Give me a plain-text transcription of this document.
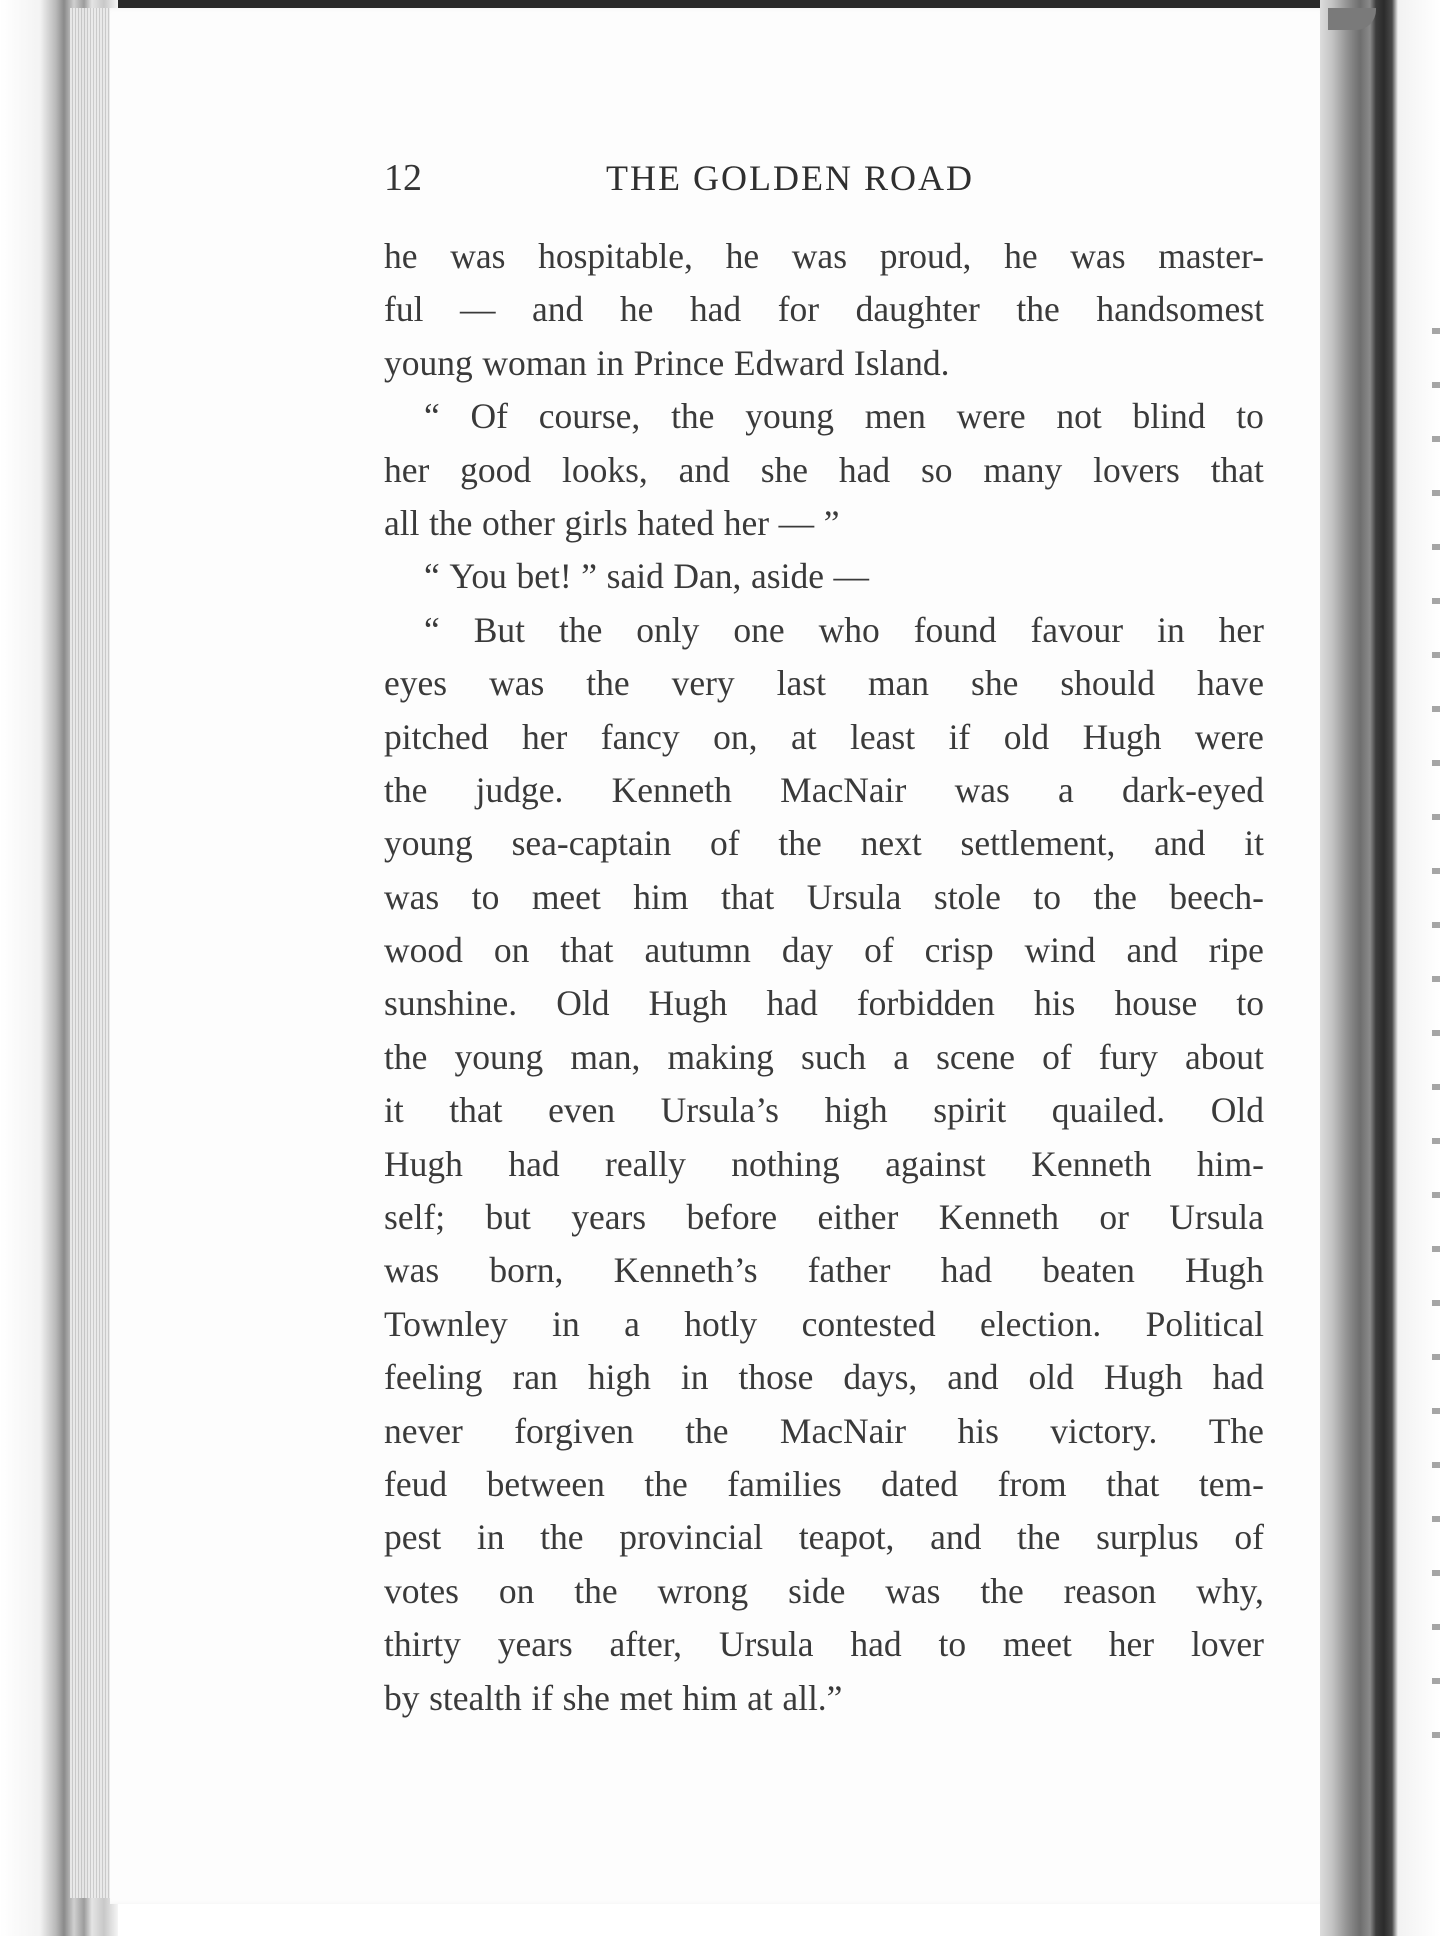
12	THE GOLDEN ROAD
he was hospitable, he was proud, he was master-
ful — and he had for daughter the handsomest
young woman in Prince Edward Island.
“ Of course, the young men were not blind to
her good looks, and she had so many lovers that
all the other girls hated her — ”
“ You bet! ” said Dan, aside —
“ But the only one who found favour in her
eyes was the very last man she should have
pitched her fancy on, at least if old Hugh were
the judge. Kenneth MacNair was a dark-eyed
young sea-captain of the next settlement, and it
was to meet him that Ursula stole to the beech-
wood on that autumn day of crisp wind and ripe
sunshine. Old Hugh had forbidden his house to
the young man, making such a scene of fury about
it that even Ursula’s high spirit quailed. Old
Hugh had really nothing against Kenneth him-
self; but years before either Kenneth or Ursula
was born, Kenneth’s father had beaten Hugh
Townley in a hotly contested election. Political
feeling ran high in those days, and old Hugh had
never forgiven the MacNair his victory. The
feud between the families dated from that tem-
pest in the provincial teapot, and the surplus of
votes on the wrong side was the reason why,
thirty years after, Ursula had to meet her lover
by stealth if she met him at all.”
